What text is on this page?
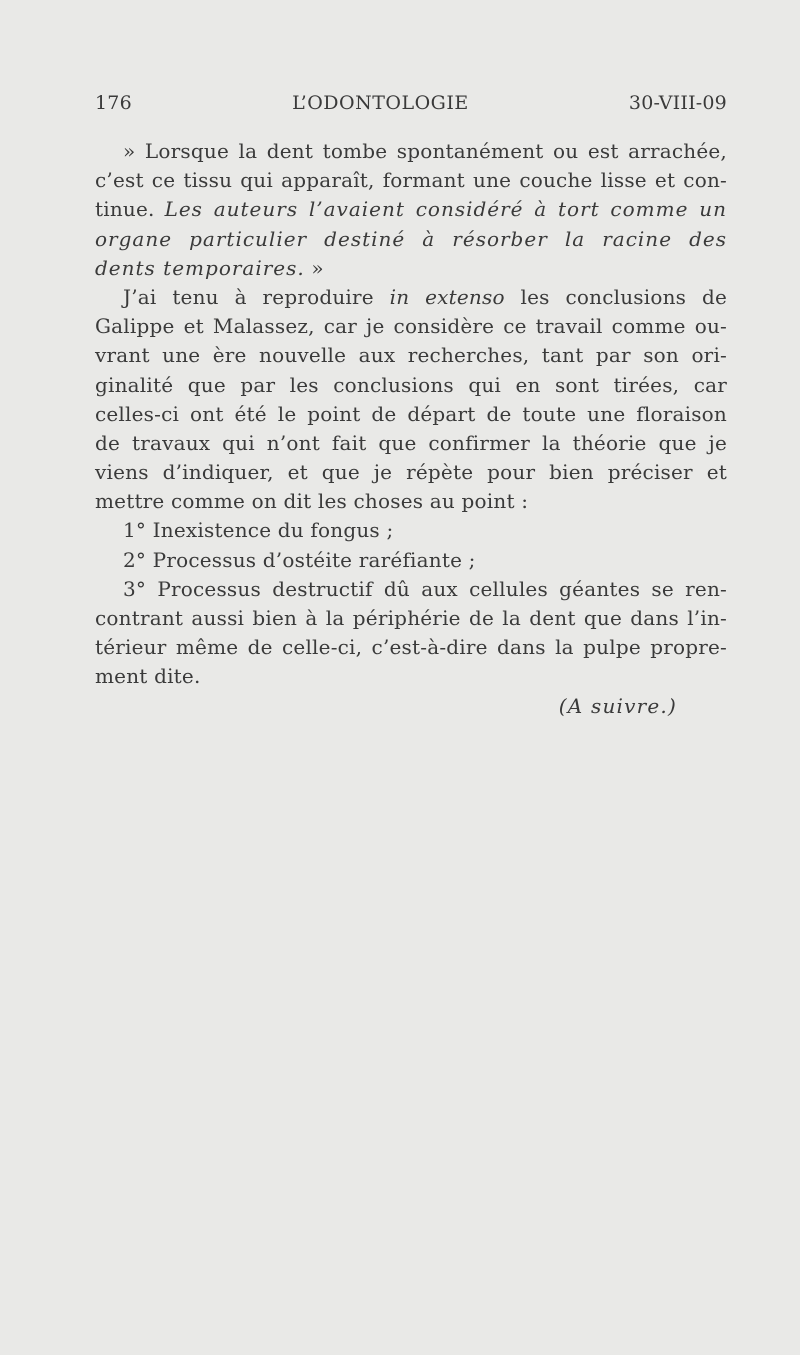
176	L’ODONTOLOGIE	30-VIII-09
» Lorsque la dent tombe spontanément ou est arrachée,
c’est ce tissu qui apparaît, formant une couche lisse et con-
tinue. Les auteurs l’avaient considéré à tort comme un
organe particulier destiné à résorber la racine des
dents temporaires. »
J’ai tenu à reproduire in extenso les conclusions de
Galippe et Malassez, car je considère ce travail comme ou-
vrant une ère nouvelle aux recherches, tant par son ori-
ginalité que par les conclusions qui en sont tirées, car
celles-ci ont été le point de départ de toute une floraison
de travaux qui n’ont fait que confirmer la théorie que je
viens d’indiquer, et que je répète pour bien préciser et
mettre comme on dit les choses au point :
1° Inexistence du fongus ;
2° Processus d’ostéite raréfiante ;
3° Processus destructif dû aux cellules géantes se ren-
contrant aussi bien à la périphérie de la dent que dans l’in-
térieur même de celle-ci, c’est-à-dire dans la pulpe propre-
ment dite.
(A suivre.)
